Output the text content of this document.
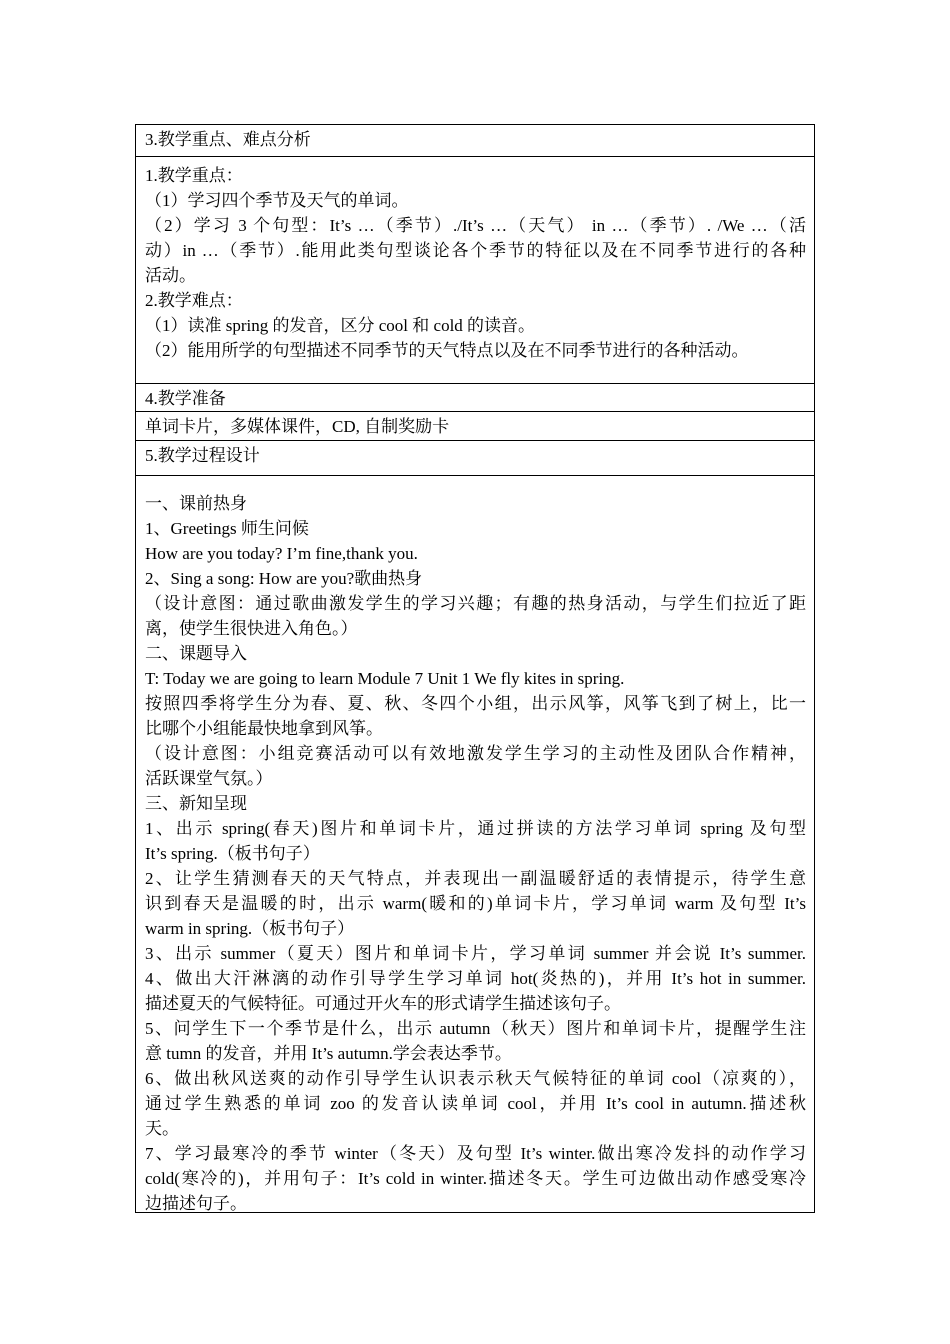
3.教学重点、难点分析
1.教学重点：
（1）学习四个季节及天气的单词。
（2）学习 3 个句型：It’s …（季节）./It’s …（天气） in …（季节）. /We …（活
动）in …（季节）.能用此类句型谈论各个季节的特征以及在不同季节进行的各种
活动。
2.教学难点：
（1）读准 spring 的发音，区分 cool 和 cold 的读音。
（2）能用所学的句型描述不同季节的天气特点以及在不同季节进行的各种活动。
4.教学准备
单词卡片，多媒体课件，CD, 自制奖励卡
5.教学过程设计
一、课前热身
1、Greetings 师生问候
How are you today? I’m fine,thank you.
2、Sing a song: How are you?歌曲热身
（设计意图：通过歌曲激发学生的学习兴趣；有趣的热身活动，与学生们拉近了距
离，使学生很快进入角色。）
二、课题导入
T: Today we are going to learn Module 7 Unit 1 We fly kites in spring.
按照四季将学生分为春、夏、秋、冬四个小组，出示风筝，风筝飞到了树上，比一
比哪个小组能最快地拿到风筝。
（设计意图：小组竞赛活动可以有效地激发学生学习的主动性及团队合作精神，
活跃课堂气氛。）
三、新知呈现
1、出示 spring(春天)图片和单词卡片，通过拼读的方法学习单词 spring 及句型
It’s spring.（板书句子）
2、让学生猜测春天的天气特点，并表现出一副温暖舒适的表情提示，待学生意
识到春天是温暖的时，出示 warm(暖和的)单词卡片，学习单词 warm 及句型 It’s
warm in spring.（板书句子）
3、出示 summer（夏天）图片和单词卡片，学习单词 summer 并会说 It’s summer.
4、做出大汗淋漓的动作引导学生学习单词 hot(炎热的)，并用 It’s hot in summer.
描述夏天的气候特征。可通过开火车的形式请学生描述该句子。
5、问学生下一个季节是什么，出示 autumn（秋天）图片和单词卡片，提醒学生注
意 tumn 的发音，并用 It’s autumn.学会表达季节。
6、做出秋风送爽的动作引导学生认识表示秋天气候特征的单词 cool（凉爽的），
通过学生熟悉的单词 zoo 的发音认读单词 cool，并用 It’s cool in autumn.描述秋
天。
7、学习最寒冷的季节 winter（冬天）及句型 It’s winter.做出寒冷发抖的动作学习
cold(寒冷的)，并用句子：It’s cold in winter.描述冬天。学生可边做出动作感受寒冷
边描述句子。
